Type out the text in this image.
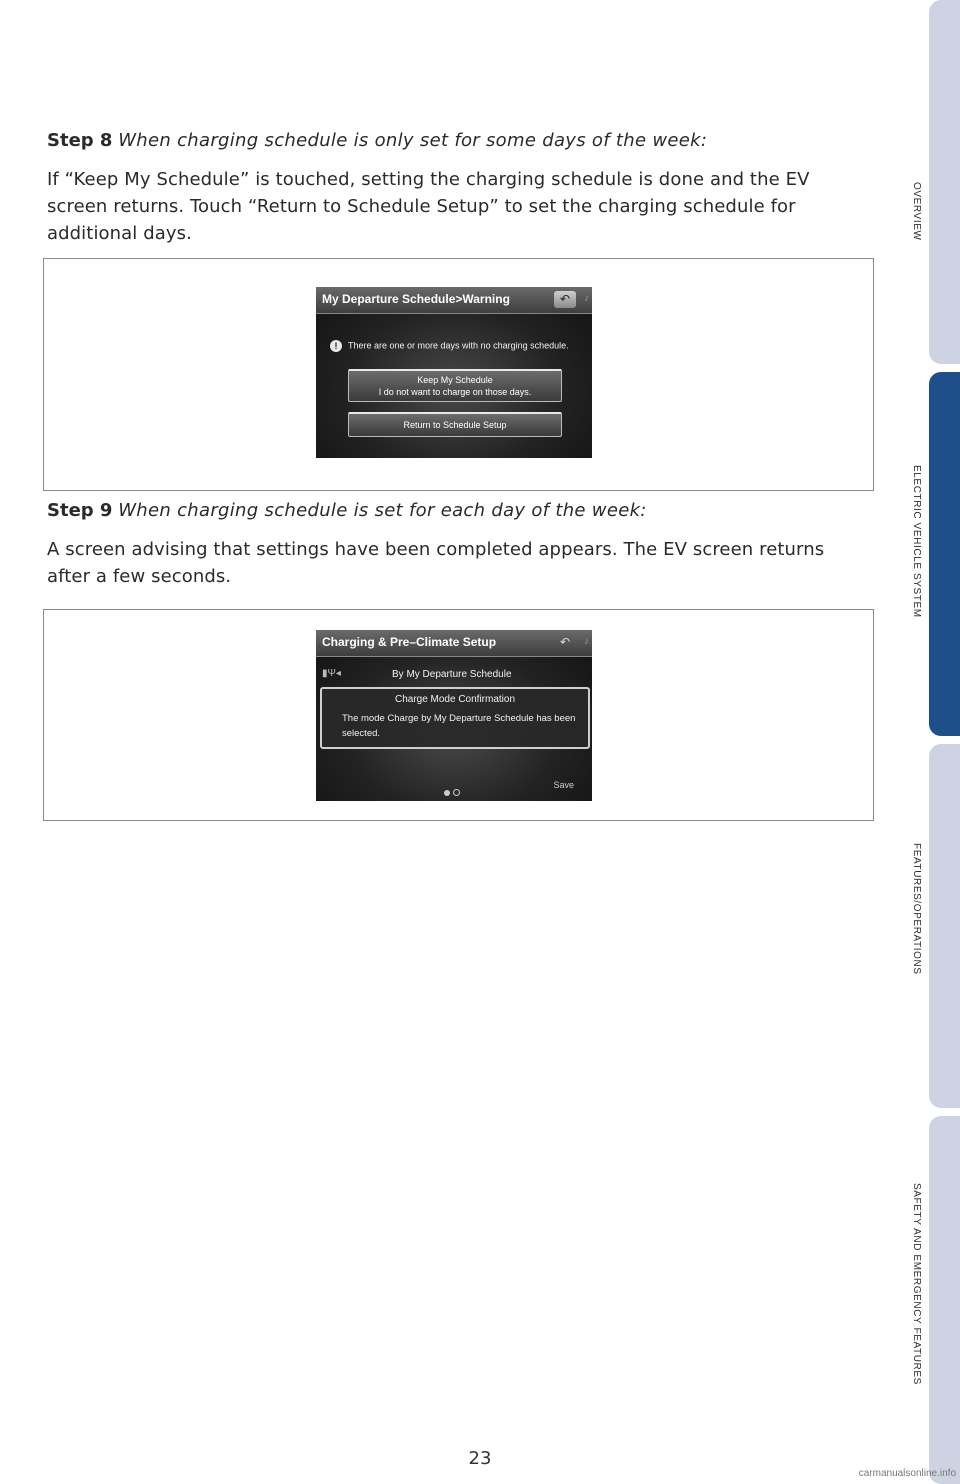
Step 8 When charging schedule is only set for some days of the week:

If “Keep My Schedule” is touched, setting the charging schedule is done and the EV screen returns. Touch “Return to Schedule Setup” to set the charging schedule for additional days.

My Departure Schedule>Warning	↶	♪
! There are one or more days with no charging schedule.
Keep My Schedule
I do not want to charge on those days.
Return to Schedule Setup

Step 9 When charging schedule is set for each day of the week:

A screen advising that settings have been completed appears. The EV screen returns after a few seconds.

Charging & Pre–Climate Setup	↶	♪
▮Ψ◂	By My Departure Schedule
Charge Mode Confirmation
The mode Charge by My Departure Schedule has been selected.
Save
OVERVIEW
ELECTRIC VEHICLE SYSTEM
FEATURES/OPERATIONS
SAFETY AND EMERGENCY FEATURES
23
carmanualsonline.info
